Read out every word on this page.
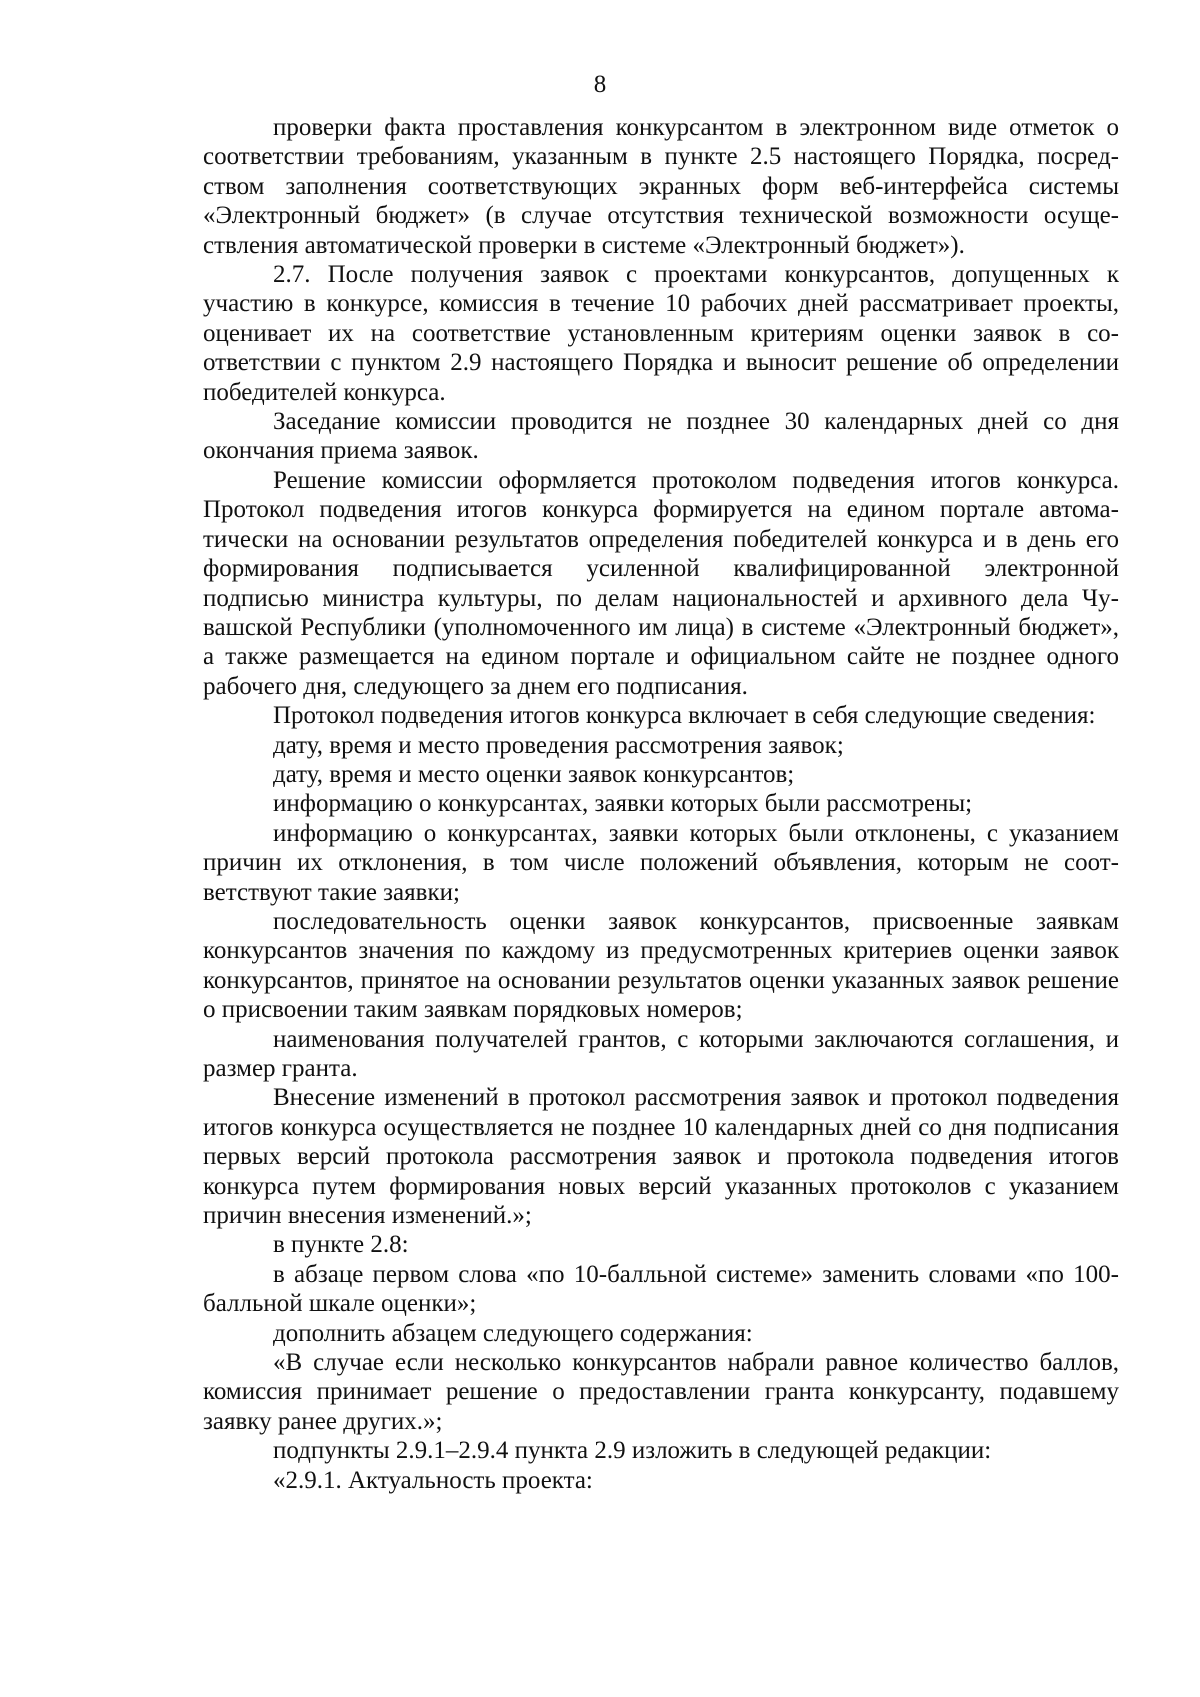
8

проверки факта проставления конкурсантом в электронном виде отметок о соответствии требованиям, указанным в пункте 2.5 настоящего Порядка, посредством заполнения соответствующих экранных форм веб-интерфейса системы «Электронный бюджет» (в случае отсутствия технической возможности осуществления автоматической проверки в системе «Электронный бюджет»).

2.7. После получения заявок с проектами конкурсантов, допущенных к участию в конкурсе, комиссия в течение 10 рабочих дней рассматривает проекты, оценивает их на соответствие установленным критериям оценки заявок в соответствии с пунктом 2.9 настоящего Порядка и выносит решение об определении победителей конкурса.

Заседание комиссии проводится не позднее 30 календарных дней со дня окончания приема заявок.

Решение комиссии оформляется протоколом подведения итогов конкурса. Протокол подведения итогов конкурса формируется на едином портале автоматически на основании результатов определения победителей конкурса и в день его формирования подписывается усиленной квалифицированной электронной подписью министра культуры, по делам национальностей и архивного дела Чувашской Республики (уполномоченного им лица) в системе «Электронный бюджет», а также размещается на едином портале и официальном сайте не позднее одного рабочего дня, следующего за днем его подписания.

Протокол подведения итогов конкурса включает в себя следующие сведения:

дату, время и место проведения рассмотрения заявок;

дату, время и место оценки заявок конкурсантов;

информацию о конкурсантах, заявки которых были рассмотрены;

информацию о конкурсантах, заявки которых были отклонены, с указанием причин их отклонения, в том числе положений объявления, которым не соответствуют такие заявки;

последовательность оценки заявок конкурсантов, присвоенные заявкам конкурсантов значения по каждому из предусмотренных критериев оценки заявок конкурсантов, принятое на основании результатов оценки указанных заявок решение о присвоении таким заявкам порядковых номеров;

наименования получателей грантов, с которыми заключаются соглашения, и размер гранта.

Внесение изменений в протокол рассмотрения заявок и протокол подведения итогов конкурса осуществляется не позднее 10 календарных дней со дня подписания первых версий протокола рассмотрения заявок и протокола подведения итогов конкурса путем формирования новых версий указанных протоколов с указанием причин внесения изменений.»;

в пункте 2.8:

в абзаце первом слова «по 10-балльной системе» заменить словами «по 100-балльной шкале оценки»;

дополнить абзацем следующего содержания:

«В случае если несколько конкурсантов набрали равное количество баллов, комиссия принимает решение о предоставлении гранта конкурсанту, подавшему заявку ранее других.»;

подпункты 2.9.1–2.9.4 пункта 2.9 изложить в следующей редакции:

«2.9.1. Актуальность проекта:
